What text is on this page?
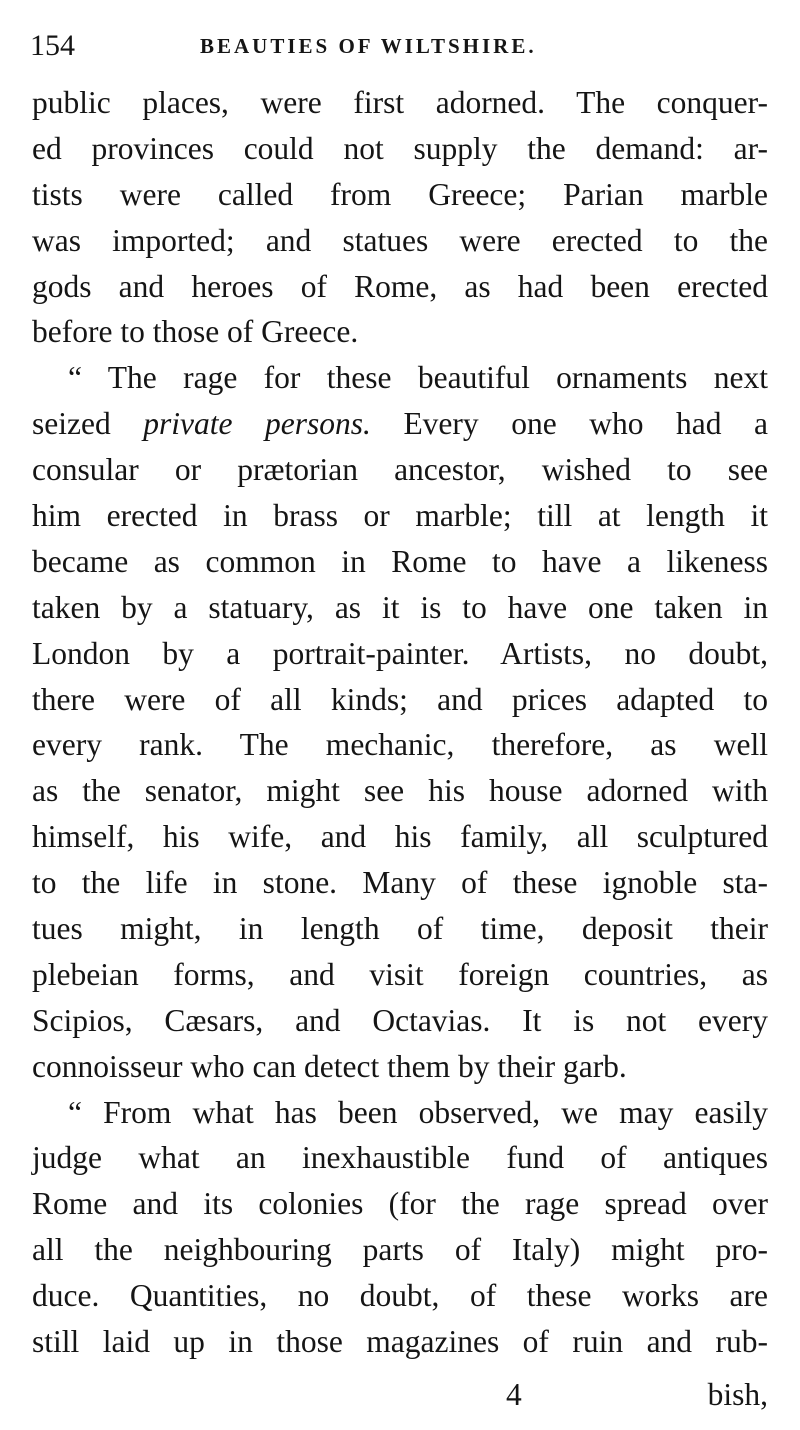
154	BEAUTIES OF WILTSHIRE.
public places, were first adorned. The conquer-
ed provinces could not supply the demand: ar-
tists were called from Greece; Parian marble
was imported; and statues were erected to the
gods and heroes of Rome, as had been erected
before to those of Greece.
“ The rage for these beautiful ornaments next
seized private persons. Every one who had a
consular or prætorian ancestor, wished to see
him erected in brass or marble; till at length it
became as common in Rome to have a likeness
taken by a statuary, as it is to have one taken in
London by a portrait-painter. Artists, no doubt,
there were of all kinds; and prices adapted to
every rank. The mechanic, therefore, as well
as the senator, might see his house adorned with
himself, his wife, and his family, all sculptured
to the life in stone. Many of these ignoble sta-
tues might, in length of time, deposit their
plebeian forms, and visit foreign countries, as
Scipios, Cæsars, and Octavias. It is not every
connoisseur who can detect them by their garb.
“ From what has been observed, we may easily
judge what an inexhaustible fund of antiques
Rome and its colonies (for the rage spread over
all the neighbouring parts of Italy) might pro-
duce. Quantities, no doubt, of these works are
still laid up in those magazines of ruin and rub-
4	bish,
